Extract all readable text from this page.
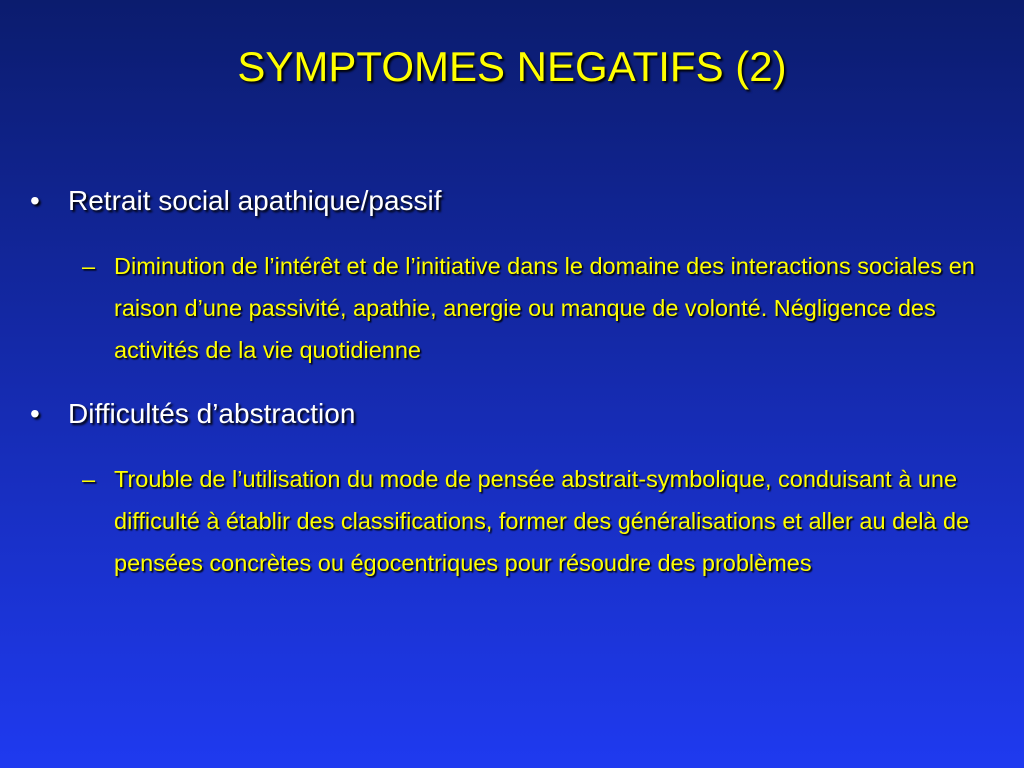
SYMPTOMES NEGATIFS (2)
• Retrait social apathique/passif
– Diminution de l’intérêt et de l’initiative dans le domaine des interactions sociales en raison d’une passivité, apathie, anergie ou manque de volonté. Négligence des activités de la vie quotidienne
• Difficultés d’abstraction
– Trouble de l’utilisation du mode de pensée abstrait-symbolique, conduisant à une difficulté à établir des classifications, former des généralisations et aller au delà de pensées concrètes ou égocentriques pour résoudre des problèmes
